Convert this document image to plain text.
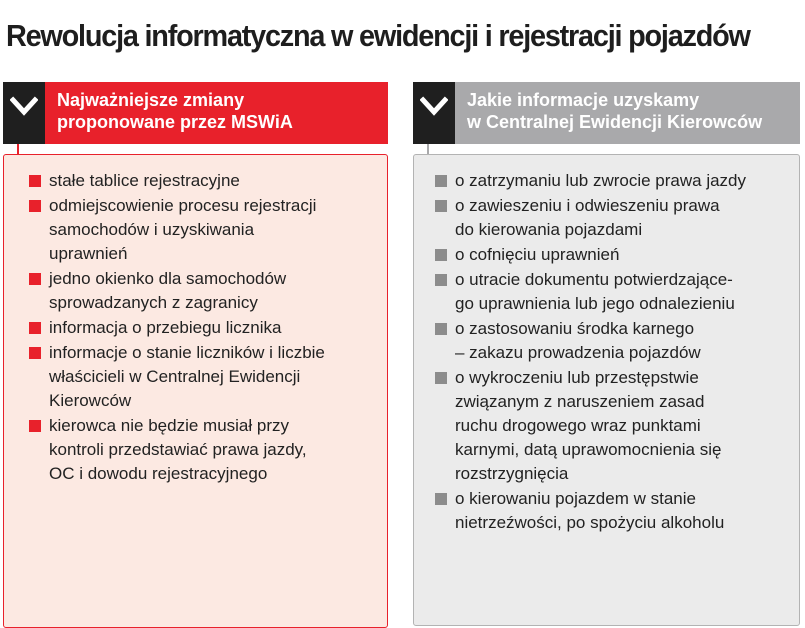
Rewolucja informatyczna w ewidencji i rejestracji pojazdów
Najważniejsze zmiany
proponowane przez MSWiA
stałe tablice rejestracyjne
odmiejscowienie procesu rejestracji
samochodów i uzyskiwania
uprawnień
jedno okienko dla samochodów
sprowadzanych z zagranicy
informacja o przebiegu licznika
informacje o stanie liczników i liczbie
właścicieli w Centralnej Ewidencji
Kierowców
kierowca nie będzie musiał przy
kontroli przedstawiać prawa jazdy,
OC i dowodu rejestracyjnego
Jakie informacje uzyskamy
w Centralnej Ewidencji Kierowców
o zatrzymaniu lub zwrocie prawa jazdy
o zawieszeniu i odwieszeniu prawa
do kierowania pojazdami
o cofnięciu uprawnień
o utracie dokumentu potwierdzające-
go uprawnienia lub jego odnalezieniu
o zastosowaniu środka karnego
– zakazu prowadzenia pojazdów
o wykroczeniu lub przestępstwie
związanym z naruszeniem zasad
ruchu drogowego wraz punktami
karnymi, datą uprawomocnienia się
rozstrzygnięcia
o kierowaniu pojazdem w stanie
nietrzeźwości, po spożyciu alkoholu
